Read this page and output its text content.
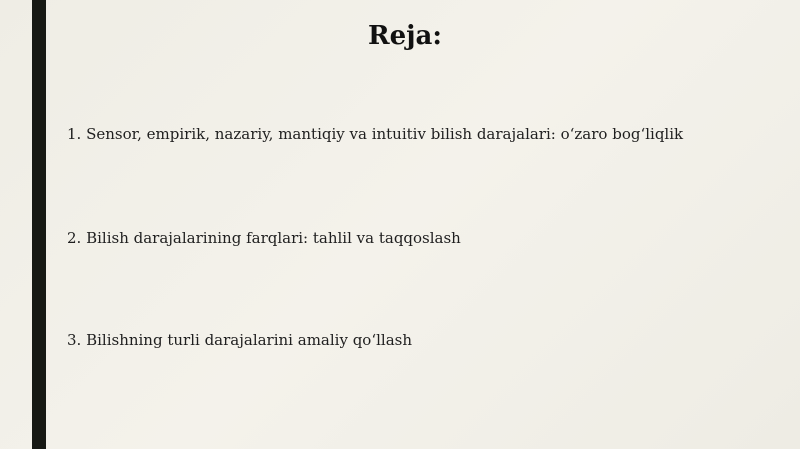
Reja:
1. Sensor, empirik, nazariy, mantiqiy va intuitiv bilish darajalari: o‘zaro bog‘liqlik
2. Bilish darajalarining farqlari: tahlil va taqqoslash
3. Bilishning turli darajalarini amaliy qo‘llash
